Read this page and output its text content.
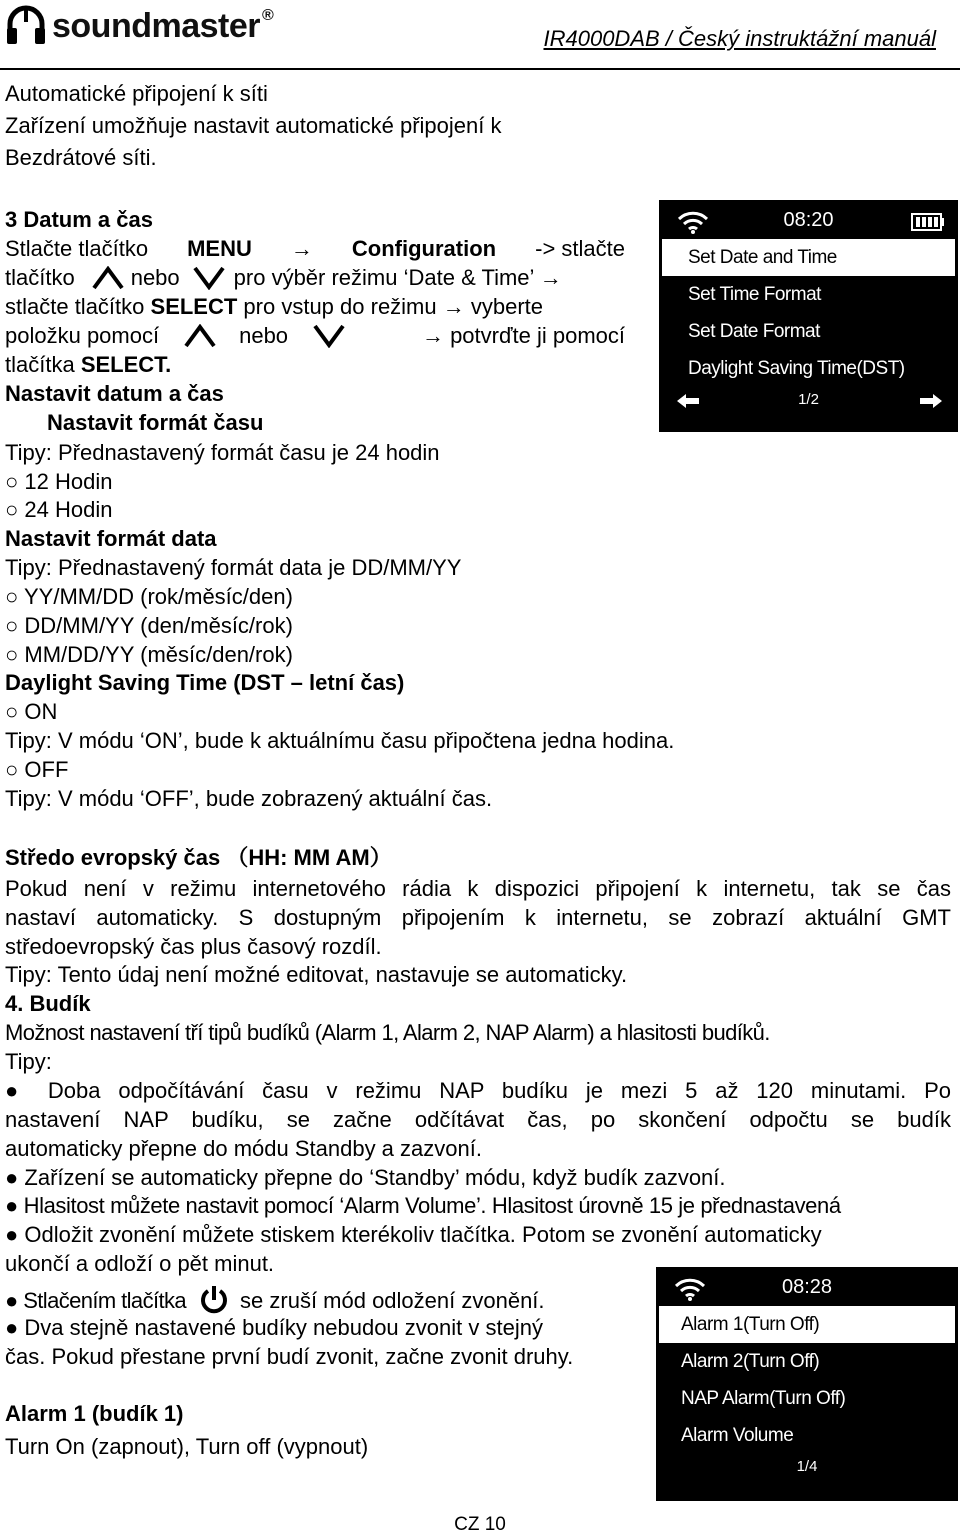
soundmaster ®
IR4000DAB / Český instruktážní manuál
Automatické připojení k síti
Zařízení umožňuje nastavit automatické připojení k
Bezdrátové síti.
3 Datum a čas
Stlačte tlačítko MENU → Configuration -> stlačte
tlačítko	nebo pro výběr režimu ‘Date & Time’ →
stlačte tlačítko SELECT pro vstup do režimu → vyberte
položku pomocí	nebo	→ potvrďte ji pomocí
tlačítka SELECT.
Nastavit datum a čas
Nastavit formát času
Tipy: Přednastavený formát času je 24 hodin
○ 12 Hodin
○ 24 Hodin
Nastavit formát data
Tipy: Přednastavený formát data je DD/MM/YY
○ YY/MM/DD (rok/měsíc/den)
○ DD/MM/YY (den/měsíc/rok)
○ MM/DD/YY (měsíc/den/rok)
Daylight Saving Time (DST – letní čas)
○ ON
Tipy: V módu ‘ON’, bude k aktuálnímu času připočtena jedna hodina.
○ OFF
Tipy: V módu ‘OFF’, bude zobrazený aktuální čas.
08:20
Set Date and Time
Set Time Format
Set Date Format
Daylight Saving Time(DST)
1/2
Středo evropský čas （HH: MM AM）
Pokud není v režimu internetového rádia k dispozici připojení k internetu, tak se čas
nastaví automaticky. S dostupným připojením k internetu, se zobrazí aktuální GMT
středoevropský čas plus časový rozdíl.
Tipy: Tento údaj není možné editovat, nastavuje se automaticky.
4. Budík
Možnost nastavení tří tipů budíků (Alarm 1, Alarm 2, NAP Alarm) a hlasitosti budíků.
Tipy:
● Doba odpočítávání času v režimu NAP budíku je mezi 5 až 120 minutami. Po
nastavení NAP budíku, se začne odčítávat čas, po skončení odpočtu se budík
automaticky přepne do módu Standby a zazvoní.
● Zařízení se automaticky přepne do ‘Standby’ módu, když budík zazvoní.
● Hlasitost můžete nastavit pomocí ‘Alarm Volume’. Hlasitost úrovně 15 je přednastavená
● Odložit zvonění můžete stiskem kterékoliv tlačítka. Potom se zvonění automaticky
ukončí a odloží o pět minut.
● Stlačením tlačítka se zruší mód odložení zvonění.
● Dva stejně nastavené budíky nebudou zvonit v stejný
čas. Pokud přestane první budí zvonit, začne zvonit druhy.
Alarm 1 (budík 1)
Turn On (zapnout), Turn off (vypnout)
08:28
Alarm 1(Turn Off)
Alarm 2(Turn Off)
NAP Alarm(Turn Off)
Alarm Volume
1/4
CZ 10
